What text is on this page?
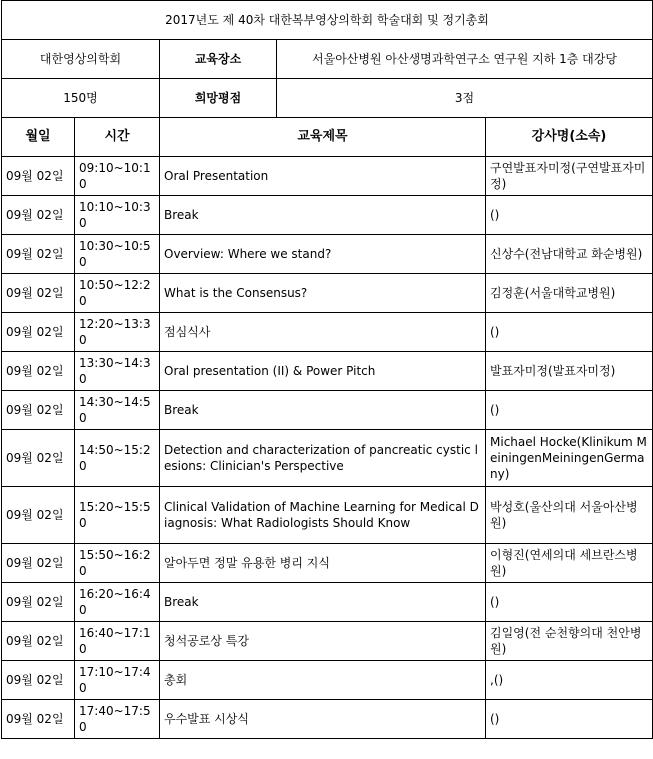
2017년도 제 40차 대한복부영상의학회 학술대회 및 정기총회				
대한영상의학회		교육장소	서울아산병원 아산생명과학연구소 연구원 지하 1층 대강당	
150명		희망평점	3점	
월일	시간	교육제목		강사명(소속)
09월 02일	09:10~10:10	Oral Presentation		구연발표자미정(구연발표자미정)
09월 02일	10:10~10:30	Break		()
09월 02일	10:30~10:50	Overview: Where we stand?		신상수(전남대학교 화순병원)
09월 02일	10:50~12:20	What is the Consensus?		김정훈(서울대학교병원)
09월 02일	12:20~13:30	점심식사		()
09월 02일	13:30~14:30	Oral presentation (II) & Power Pitch		발표자미정(발표자미정)
09월 02일	14:30~14:50	Break		()
09월 02일	14:50~15:20	Detection and characterization of pancreatic cystic lesions: Clinician's Perspective		Michael Hocke(Klinikum MeiningenMeiningenGermany)
09월 02일	15:20~15:50	Clinical Validation of Machine Learning for Medical Diagnosis: What Radiologists Should Know		박성호(울산의대 서울아산병원)
09월 02일	15:50~16:20	알아두면 정말 유용한 병리 지식		이형진(연세의대 세브란스병원)
09월 02일	16:20~16:40	Break		()
09월 02일	16:40~17:10	청석공로상 특강		김일영(전 순천향의대 천안병원)
09월 02일	17:10~17:40	총회		,()
09월 02일	17:40~17:50	우수발표 시상식		()
